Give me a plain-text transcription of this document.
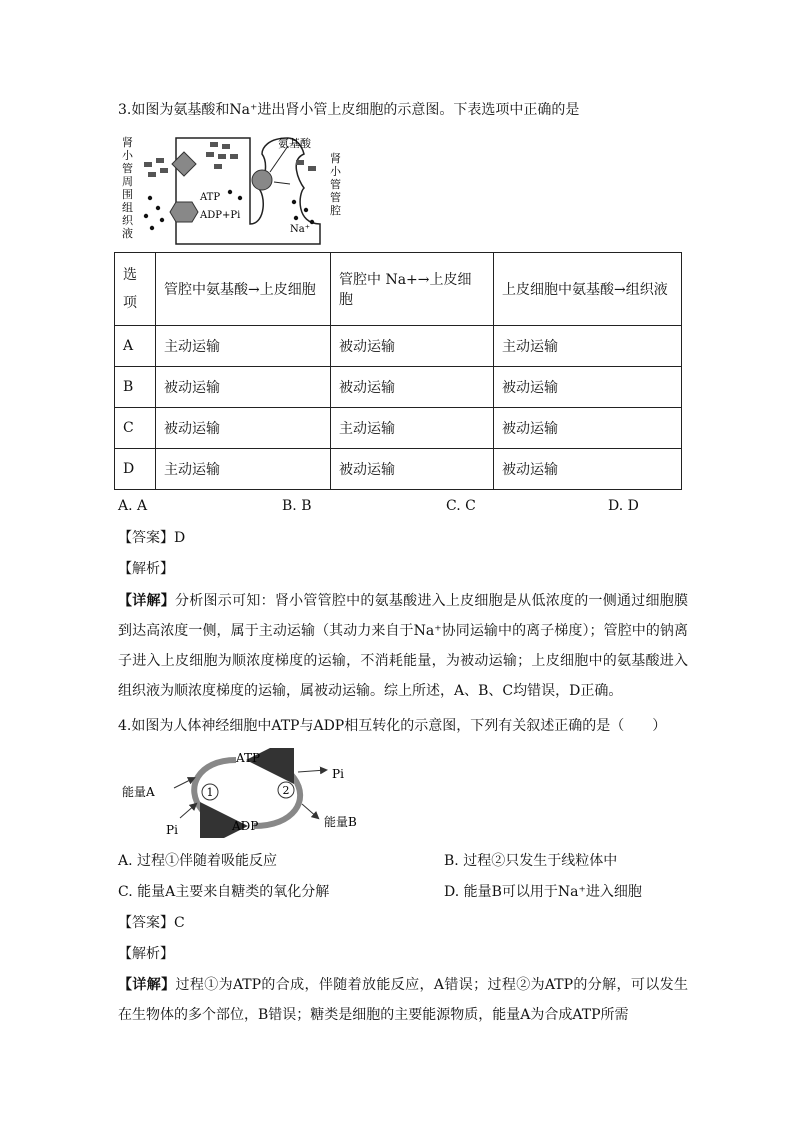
3.如图为氨基酸和Na⁺进出肾小管上皮细胞的示意图。下表选项中正确的是
肾小管周围组织液
氨基酸
ATP
ADP+Pi
Na⁺
肾小管管腔
选
项	管腔中氨基酸→上皮细胞	管腔中 Na+→上皮细胞	上皮细胞中氨基酸→组织液
A	主动运输	被动运输	主动运输
B	被动运输	被动运输	被动运输
C	被动运输	主动运输	被动运输
D	主动运输	被动运输	被动运输
A. A	B. B	C. C	D. D
【答案】D
【解析】
【详解】分析图示可知：肾小管管腔中的氨基酸进入上皮细胞是从低浓度的一侧通过细胞膜到达高浓度一侧，属于主动运输（其动力来自于Na⁺协同运输中的离子梯度）；管腔中的钠离子进入上皮细胞为顺浓度梯度的运输，不消耗能量，为被动运输；上皮细胞中的氨基酸进入组织液为顺浓度梯度的运输，属被动运输。综上所述，A、B、C均错误，D正确。
4.如图为人体神经细胞中ATP与ADP相互转化的示意图，下列有关叙述正确的是（　　）
1	2
ATP
ADP
Pi
能量B
能量A
Pi
A. 过程①伴随着吸能反应	B. 过程②只发生于线粒体中
C. 能量A主要来自糖类的氧化分解	D. 能量B可以用于Na⁺进入细胞
【答案】C
【解析】
【详解】过程①为ATP的合成，伴随着放能反应，A错误；过程②为ATP的分解，可以发生在生物体的多个部位，B错误；糖类是细胞的主要能源物质，能量A为合成ATP所需
